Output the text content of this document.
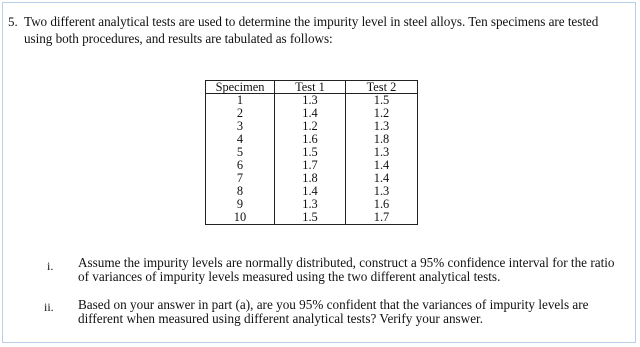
5. Two different analytical tests are used to determine the impurity level in steel alloys. Ten specimens are tested using both procedures, and results are tabulated as follows:
Specimen	Test 1	Test 2
1	1.3	1.5
2	1.4	1.2
3	1.2	1.3
4	1.6	1.8
5	1.5	1.3
6	1.7	1.4
7	1.8	1.4
8	1.4	1.3
9	1.3	1.6
10	1.5	1.7
i. Assume the impurity levels are normally distributed, construct a 95% confidence interval for the ratio of variances of impurity levels measured using the two different analytical tests.
ii. Based on your answer in part (a), are you 95% confident that the variances of impurity levels are different when measured using different analytical tests? Verify your answer.
